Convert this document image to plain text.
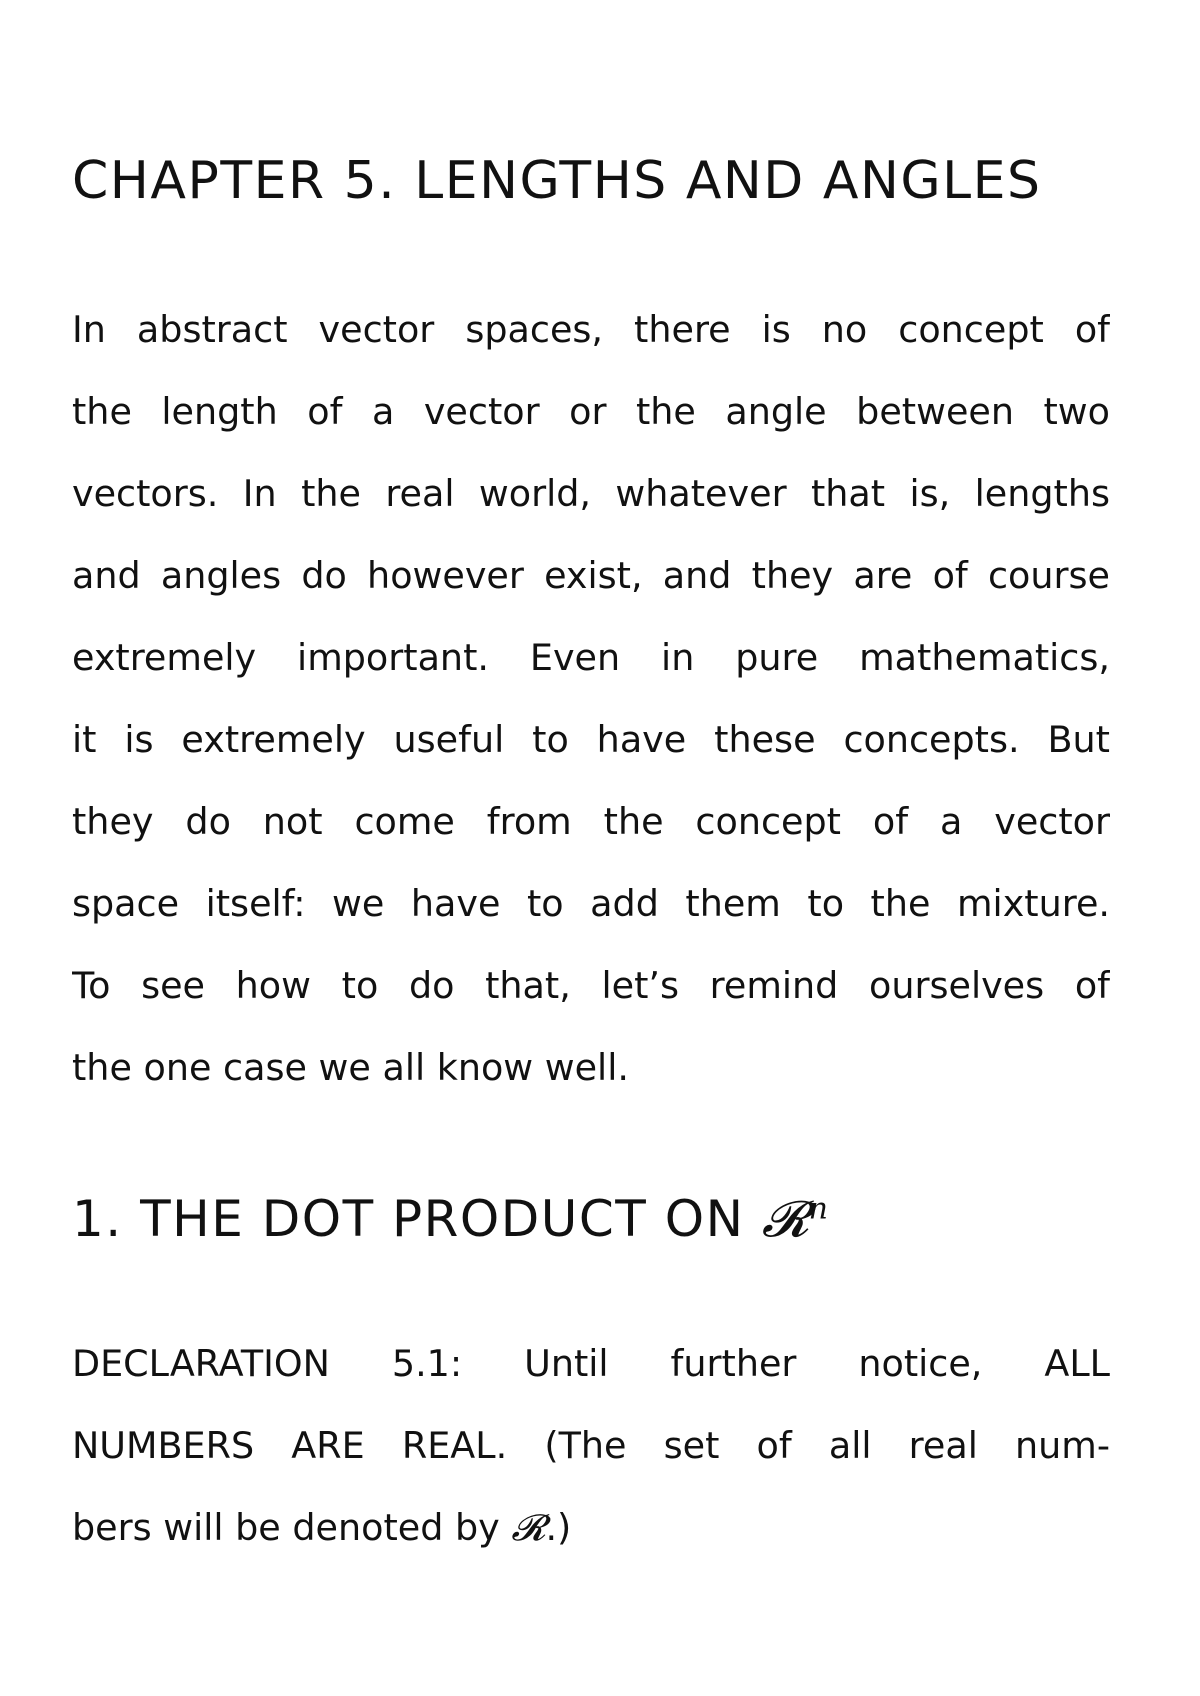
CHAPTER 5. LENGTHS AND ANGLES
In abstract vector spaces, there is no concept of
the length of a vector or the angle between two
vectors. In the real world, whatever that is, lengths
and angles do however exist, and they are of course
extremely important. Even in pure mathematics,
it is extremely useful to have these concepts. But
they do not come from the concept of a vector
space itself: we have to add them to the mixture.
To see how to do that, let’s remind ourselves of
the one case we all know well.
1. THE DOT PRODUCT ON 𝓡$^n$
DECLARATION 5.1: Until further notice, ALL
NUMBERS ARE REAL. (The set of all real num-
bers will be denoted by 𝓡.)
